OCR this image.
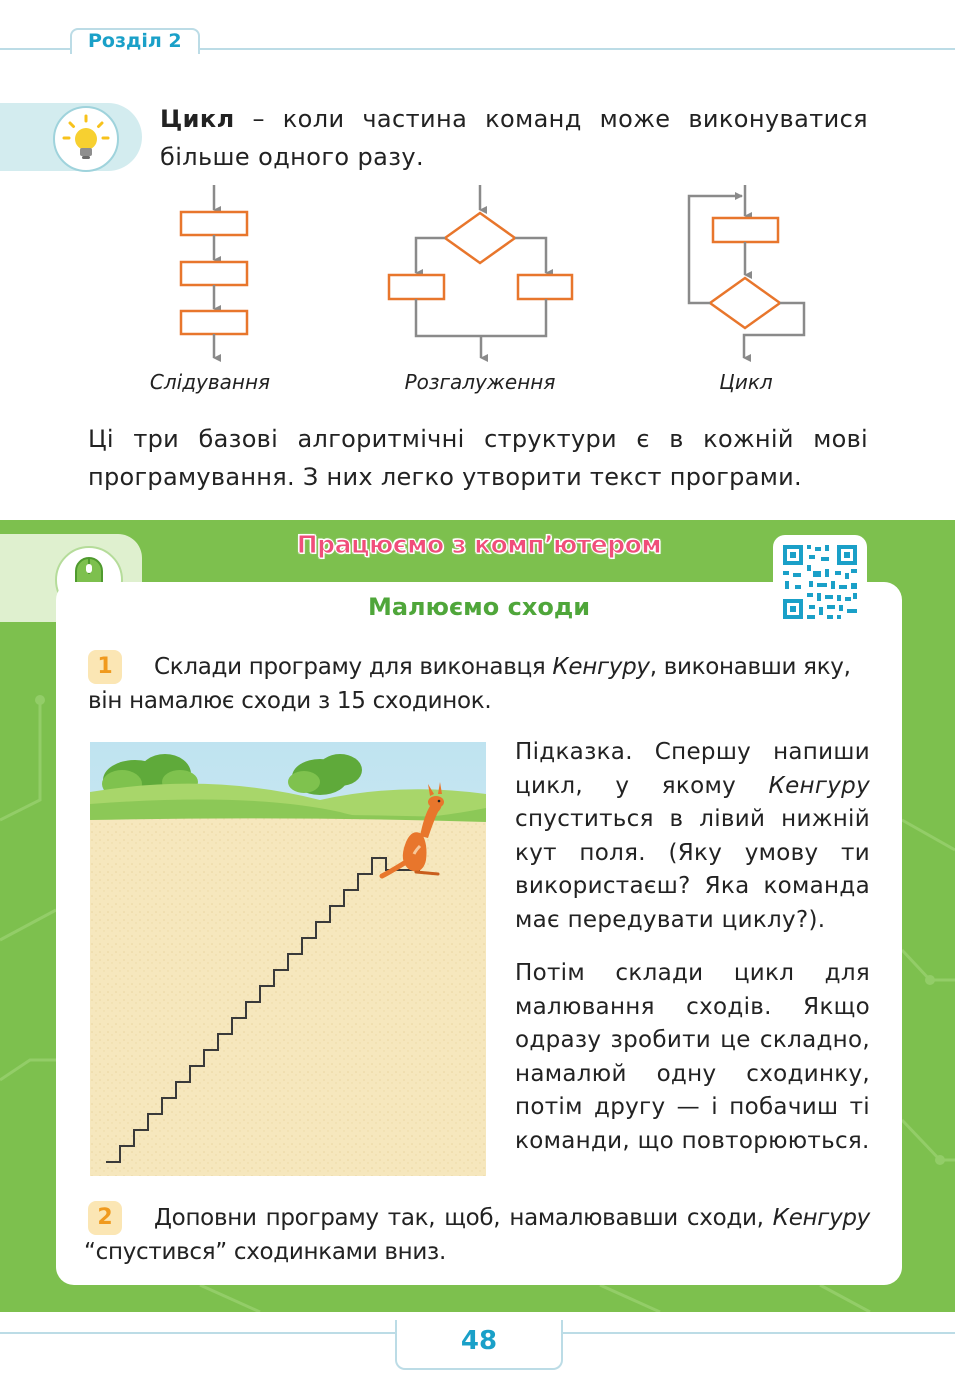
Розділ 2
Цикл – коли частина команд може виконуватися більше одного разу.
Слідування	Розгалуження	Цикл
Ці три базові алгоритмічні структури є в кожній мові програмування. З них легко утворити текст програми.
Працюємо з комп’ютером
Малюємо сходи
1	Склади програму для виконавця Кенгуру, виконавши яку, він намалює сходи з 15 сходинок.
Підказка. Спершу напиши цикл, у якому Кенгуру спуститься в лівий нижній кут поля. (Яку умову ти використаєш? Яка команда має передувати циклу?).
Потім склади цикл для малювання сходів. Якщо одразу зробити це складно, намалюй одну сходинку, потім другу — і побачиш ті команди, що повторюються.
2	Доповни програму так, щоб, намалювавши сходи, Кенгуру “спустився” сходинками вниз.
48
